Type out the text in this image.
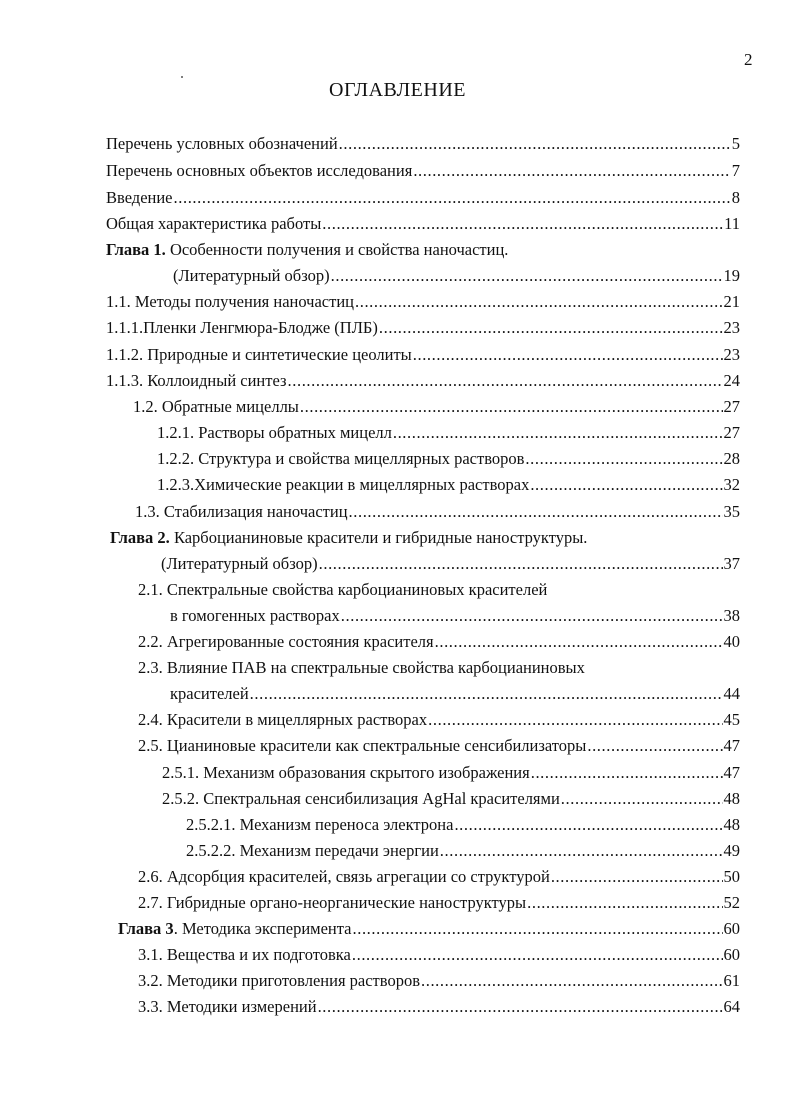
2
ОГЛАВЛЕНИЕ
Перечень условных обозначений .....	5
Перечень основных объектов исследования .....	7
Введение .....	8
Общая характеристика работы .....	11
Глава 1. Особенности получения и свойства наночастиц.
(Литературный обзор) .....	19
1.1. Методы получения наночастиц .....	21
1.1.1.Пленки Ленгмюра-Блодже (ПЛБ) .....	23
1.1.2. Природные и синтетические цеолиты .....	23
1.1.3. Коллоидный синтез .....	24
1.2. Обратные мицеллы .....	27
1.2.1. Растворы обратных мицелл .....	27
1.2.2. Структура и свойства мицеллярных растворов .....	28
1.2.3.Химические реакции в мицеллярных растворах .....	32
1.3. Стабилизация наночастиц .....	35
Глава 2. Карбоцианиновые красители и гибридные наноструктуры.
(Литературный обзор) .....	37
2.1. Спектральные свойства карбоцианиновых красителей
в гомогенных растворах .....	38
2.2. Агрегированные состояния красителя .....	40
2.3. Влияние ПАВ на спектральные свойства карбоцианиновых
красителей .....	44
2.4. Красители в мицеллярных растворах .....	45
2.5. Цианиновые красители как спектральные сенсибилизаторы .....	47
2.5.1. Механизм образования скрытого изображения .....	47
2.5.2. Спектральная сенсибилизация AgHal красителями .....	48
2.5.2.1. Механизм переноса электрона .....	48
2.5.2.2. Механизм передачи энергии .....	49
2.6. Адсорбция красителей, связь агрегации со структурой .....	50
2.7. Гибридные органо-неорганические наноструктуры .....	52
Глава 3. Методика эксперимента .....	60
3.1. Вещества и их подготовка .....	60
3.2. Методики приготовления растворов .....	61
3.3. Методики измерений .....	64
